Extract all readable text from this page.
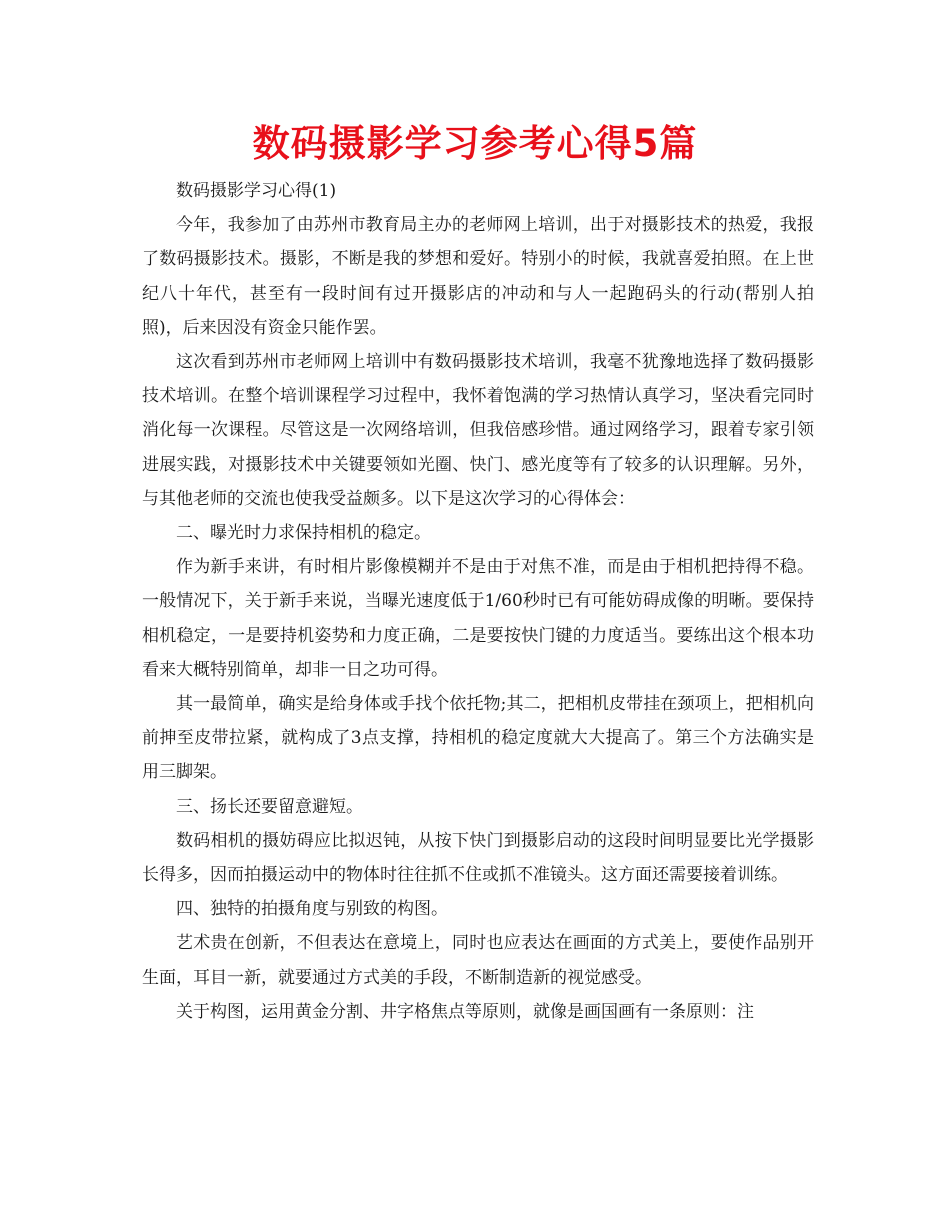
数码摄影学习参考心得5篇

数码摄影学习心得(1)

今年，我参加了由苏州市教育局主办的老师网上培训，出于对摄影技术的热爱，我报了数码摄影技术。摄影，不断是我的梦想和爱好。特别小的时候，我就喜爱拍照。在上世纪八十年代，甚至有一段时间有过开摄影店的冲动和与人一起跑码头的行动(帮别人拍照)，后来因没有资金只能作罢。

这次看到苏州市老师网上培训中有数码摄影技术培训，我毫不犹豫地选择了数码摄影技术培训。在整个培训课程学习过程中，我怀着饱满的学习热情认真学习，坚决看完同时消化每一次课程。尽管这是一次网络培训，但我倍感珍惜。通过网络学习，跟着专家引领进展实践，对摄影技术中关键要领如光圈、快门、感光度等有了较多的认识理解。另外，与其他老师的交流也使我受益颇多。以下是这次学习的心得体会：

二、曝光时力求保持相机的稳定。

作为新手来讲，有时相片影像模糊并不是由于对焦不准，而是由于相机把持得不稳。一般情况下，关于新手来说，当曝光速度低于1/60秒时已有可能妨碍成像的明晰。要保持相机稳定，一是要持机姿势和力度正确，二是要按快门键的力度适当。要练出这个根本功看来大概特别简单，却非一日之功可得。

其一最简单，确实是给身体或手找个依托物;其二，把相机皮带挂在颈项上，把相机向前抻至皮带拉紧，就构成了3点支撑，持相机的稳定度就大大提高了。第三个方法确实是用三脚架。

三、扬长还要留意避短。

数码相机的摄妨碍应比拟迟钝，从按下快门到摄影启动的这段时间明显要比光学摄影长得多，因而拍摄运动中的物体时往往抓不住或抓不准镜头。这方面还需要接着训练。

四、独特的拍摄角度与别致的构图。

艺术贵在创新，不但表达在意境上，同时也应表达在画面的方式美上，要使作品别开生面，耳目一新，就要通过方式美的手段，不断制造新的视觉感受。

关于构图，运用黄金分割、井字格焦点等原则，就像是画国画有一条原则：注
